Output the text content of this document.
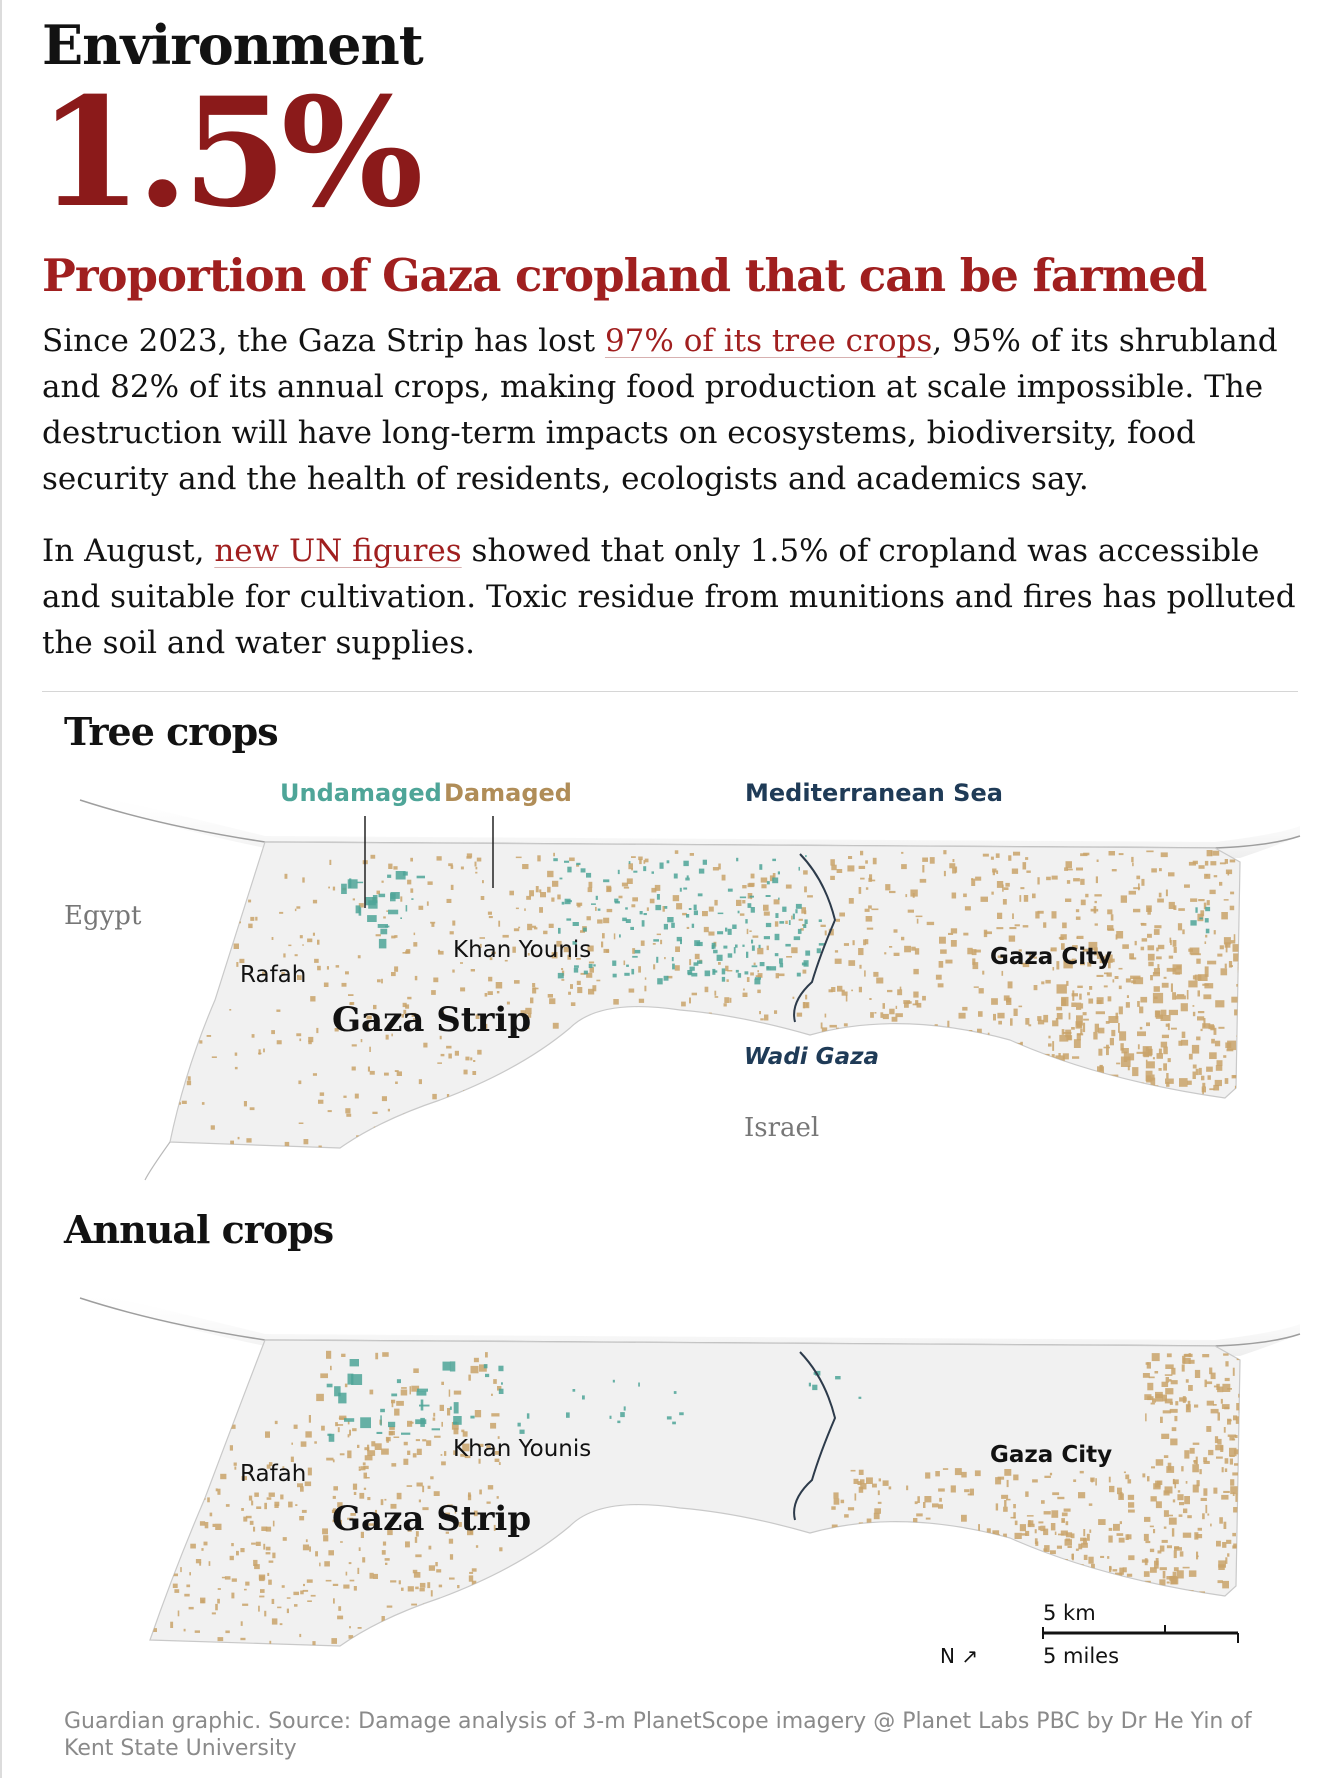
Environment
1.5%
Proportion of Gaza cropland that can be farmed
Since 2023, the Gaza Strip has lost 97% of its tree crops, 95% of its shrubland and 82% of its annual crops, making food production at scale impossible. The destruction will have long-term impacts on ecosystems, biodiversity, food security and the health of residents, ecologists and academics say.
In August, new UN figures showed that only 1.5% of cropland was accessible and suitable for cultivation. Toxic residue from munitions and fires has polluted the soil and water supplies.
Tree crops
Undamaged Damaged	Mediterranean Sea
Egypt
Rafah
Khan Younis	Gaza City
Gaza Strip
Wadi Gaza
Israel
Annual crops
Rafah
Khan Younis	Gaza City
Gaza Strip
5 km
5 miles
N ↗
Guardian graphic. Source: Damage analysis of 3-m PlanetScope imagery @ Planet Labs PBC by Dr He Yin of Kent State University
